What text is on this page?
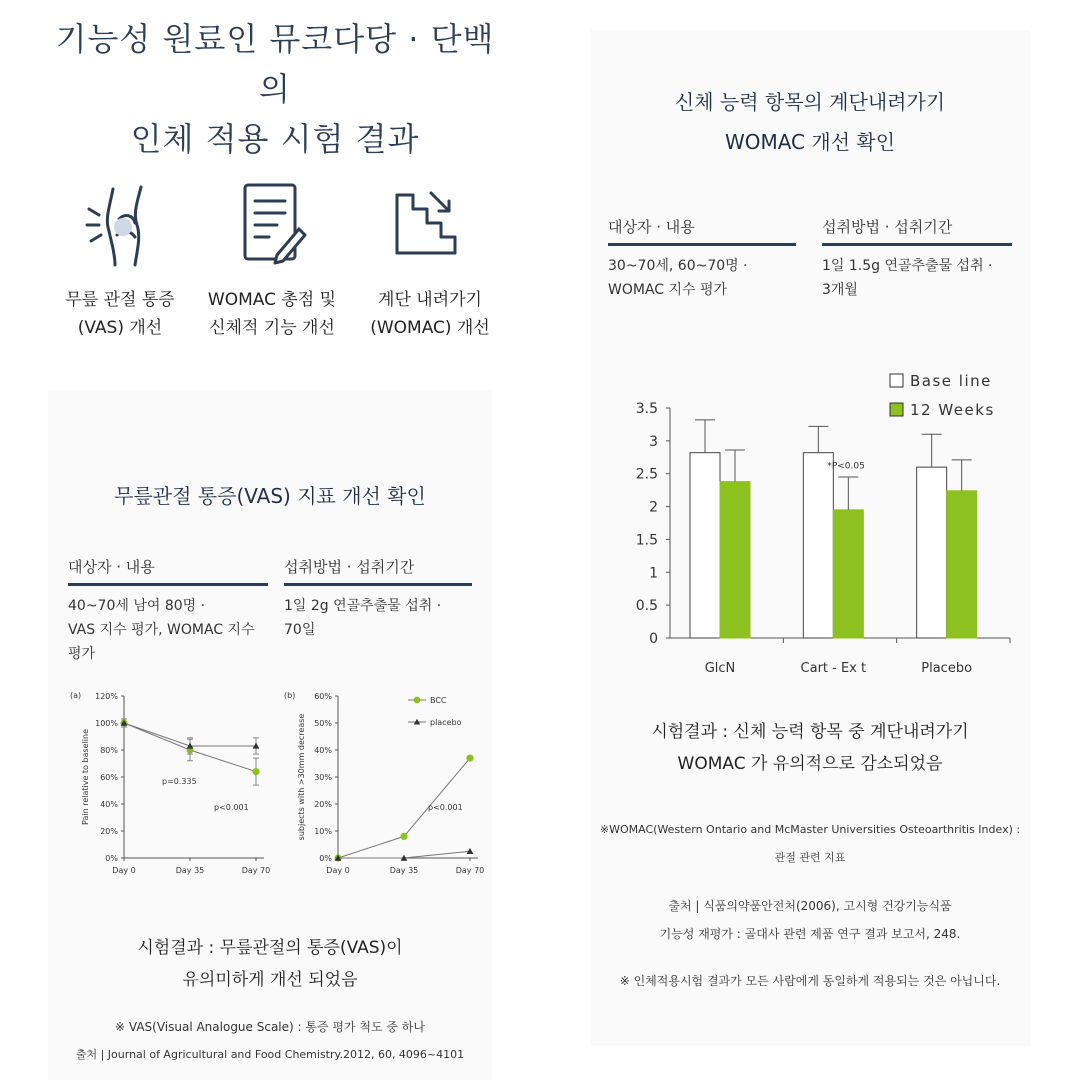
기능성 원료인 뮤코다당 · 단백의
인체 적용 시험 결과
무릎 관절 통증
(VAS) 개선
WOMAC 총점 및
신체적 기능 개선
계단 내려가기
(WOMAC) 개선
무릎관절 통증(VAS) 지표 개선 확인
대상자 · 내용
40~70세 남여 80명 ·
VAS 지수 평가, WOMAC 지수 평가
섭취방법 · 섭취기간
1일 2g 연골추출물 섭취 ·
70일
(a)
0%
20%
40%
60%
80%
100%
120%
Day 0	Day 35	Day 70
Pain relative to baseline	p=0.335
p<0.001
(b)
0%
10%
20%
30%
40%
50%
60%
Day 0	Day 35	Day 70
subjects with >30mm decrease	p<0.001
BCC
placebo
시험결과 : 무릎관절의 통증(VAS)이
유의미하게 개선 되었음
※ VAS(Visual Analogue Scale) : 통증 평가 척도 중 하나
출처 | Journal of Agricultural and Food Chemistry.2012, 60, 4096~4101
신체 능력 항목의 계단내려가기
WOMAC 개선 확인
대상자 · 내용
30~70세, 60~70명 ·
WOMAC 지수 평가
섭취방법 · 섭취기간
1일 1.5g 연골추출물 섭취 ·
3개월
Base line
12 Weeks
0
0.5
1
1.5
2
2.5
3
3.5
GlcN	Cart - Ex t	Placebo
*P<0.05
시험결과 : 신체 능력 항목 중 계단내려가기
WOMAC 가 유의적으로 감소되었음
※WOMAC(Western Ontario and McMaster Universities Osteoarthritis Index) :
관절 관련 지표
출처 | 식품의약품안전처(2006), 고시형 건강기능식품
기능성 재평가 : 골대사 관련 제품 연구 결과 보고서, 248.
※ 인체적용시험 결과가 모든 사람에게 동일하게 적용되는 것은 아닙니다.
